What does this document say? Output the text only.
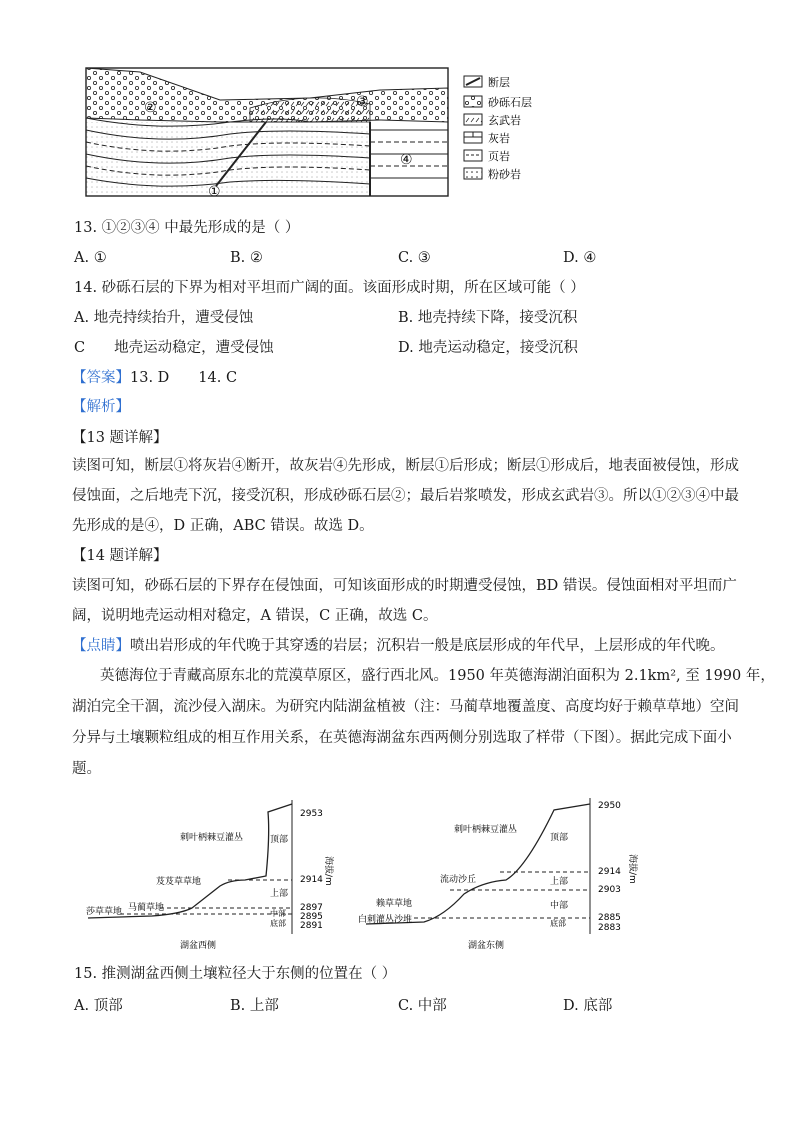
②	③
④
①
断层
砂砾石层
玄武岩
灰岩
页岩
粉砂岩
13. ①②③④ 中最先形成的是（ ）
A. ①	B. ②	C. ③	D. ④
14. 砂砾石层的下界为相对平坦而广阔的面。该面形成时期，所在区域可能（ ）
A. 地壳持续抬升，遭受侵蚀	B. 地壳持续下降，接受沉积
C　　地壳运动稳定，遭受侵蚀	D. 地壳运动稳定，接受沉积
【答案】13. D　　14. C
【解析】
【13 题详解】
读图可知，断层①将灰岩④断开，故灰岩④先形成，断层①后形成；断层①形成后，地表面被侵蚀，形成
侵蚀面，之后地壳下沉，接受沉积，形成砂砾石层②；最后岩浆喷发，形成玄武岩③。所以①②③④中最
先形成的是④，D 正确，ABC 错误。故选 D。
【14 题详解】
读图可知，砂砾石层的下界存在侵蚀面，可知该面形成的时期遭受侵蚀，BD 错误。侵蚀面相对平坦而广
阔，说明地壳运动相对稳定，A 错误，C 正确，故选 C。
【点睛】喷出岩形成的年代晚于其穿透的岩层；沉积岩一般是底层形成的年代早，上层形成的年代晚。
英德海位于青藏高原东北的荒漠草原区，盛行西北风。1950 年英德海湖泊面积为 2.1km², 至 1990 年，
湖泊完全干涸，流沙侵入湖床。为研究内陆湖盆植被（注：马蔺草地覆盖度、高度均好于赖草草地）空间
分异与土壤颗粒组成的相互作用关系，在英德海湖盆东西两侧分别选取了样带（下图）。据此完成下面小
题。
2953
2914
2897
2895
2891
海拔/m
顶部
上部
中部
底部
刺叶柄棘豆灌丛
芨芨草草地
马蔺草地
莎草草地
湖盆西侧
2950
2914
2903
2885
2883
海拔/m
顶部
上部
中部
底部
刺叶柄棘豆灌丛
流动沙丘
赖草草地
白刺灌丛沙堆
湖盆东侧
15. 推测湖盆西侧土壤粒径大于东侧的位置在（ ）
A. 顶部	B. 上部	C. 中部	D. 底部
